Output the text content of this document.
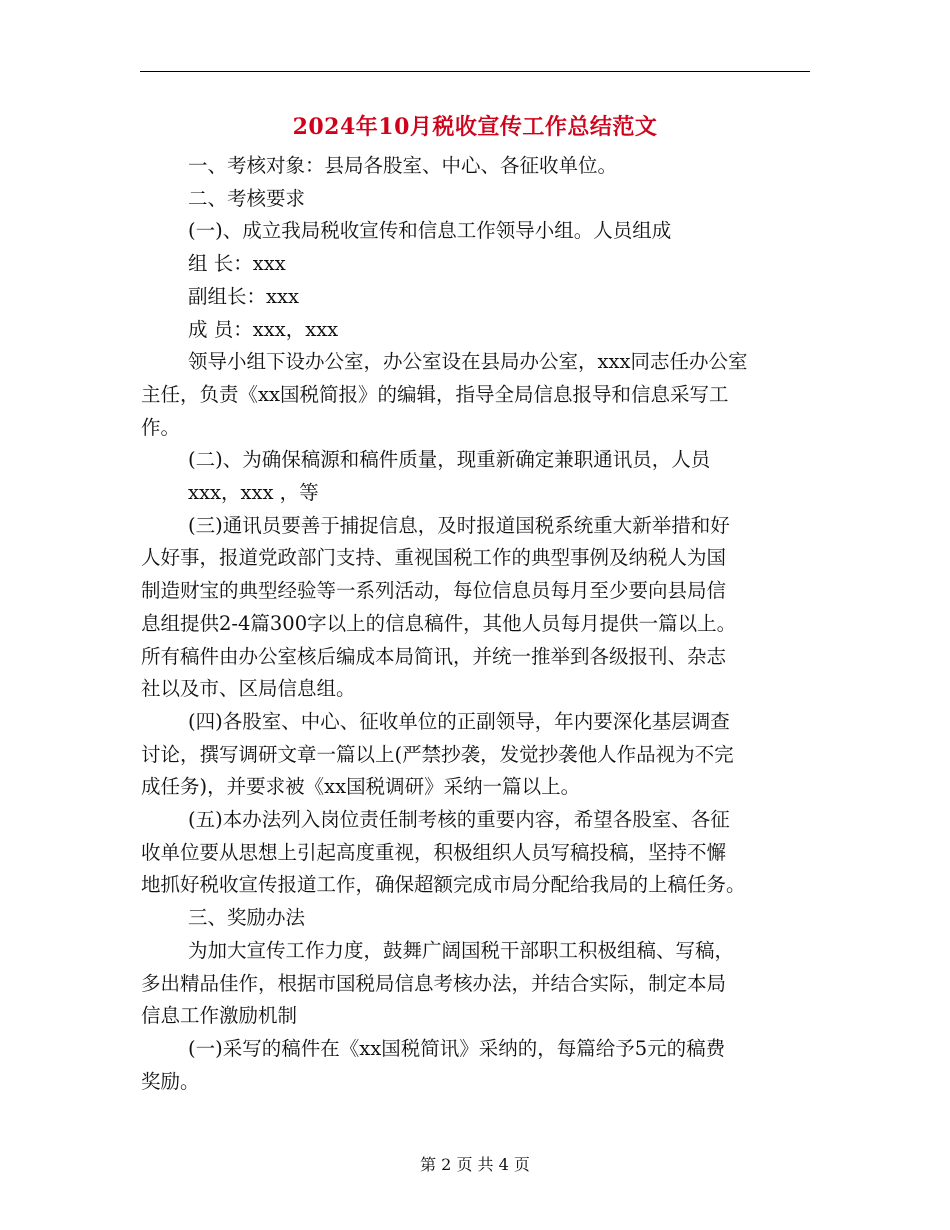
2024年10月税收宣传工作总结范文

一、考核对象：县局各股室、中心、各征收单位。

二、考核要求

(一)、成立我局税收宣传和信息工作领导小组。人员组成

组 长：xxx

副组长：xxx

成 员：xxx，xxx

领导小组下设办公室，办公室设在县局办公室，xxx同志任办公室

主任，负责《xx国税简报》的编辑，指导全局信息报导和信息采写工

作。

(二)、为确保稿源和稿件质量，现重新确定兼职通讯员，人员

xxx，xxx ，等

(三)通讯员要善于捕捉信息，及时报道国税系统重大新举措和好

人好事，报道党政部门支持、重视国税工作的典型事例及纳税人为国

制造财宝的典型经验等一系列活动，每位信息员每月至少要向县局信

息组提供2-4篇300字以上的信息稿件，其他人员每月提供一篇以上。

所有稿件由办公室核后编成本局简讯，并统一推举到各级报刊、杂志

社以及市、区局信息组。

(四)各股室、中心、征收单位的正副领导，年内要深化基层调查

讨论，撰写调研文章一篇以上(严禁抄袭，发觉抄袭他人作品视为不完

成任务)，并要求被《xx国税调研》采纳一篇以上。

(五)本办法列入岗位责任制考核的重要内容，希望各股室、各征

收单位要从思想上引起高度重视，积极组织人员写稿投稿，坚持不懈

地抓好税收宣传报道工作，确保超额完成市局分配给我局的上稿任务。

三、奖励办法

为加大宣传工作力度，鼓舞广阔国税干部职工积极组稿、写稿，

多出精品佳作，根据市国税局信息考核办法，并结合实际，制定本局

信息工作激励机制

(一)采写的稿件在《xx国税简讯》采纳的，每篇给予5元的稿费

奖励。

第 2 页 共 4 页
